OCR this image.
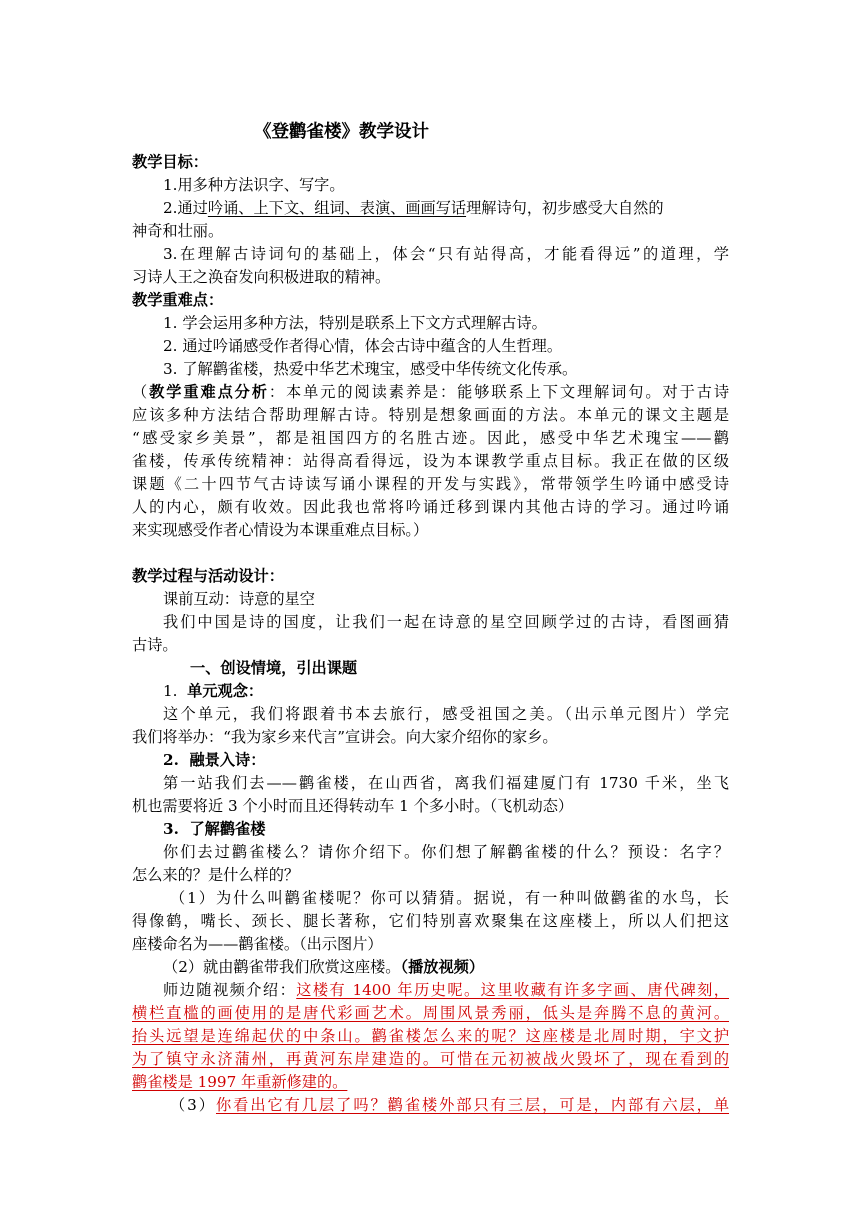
《登鹳雀楼》教学设计
教学目标：
1.用多种方法识字、写字。
2.通过吟诵、上下文、组词、表演、画画写话理解诗句，初步感受大自然的
神奇和壮丽。
3.在理解古诗词句的基础上，体会“只有站得高，才能看得远”的道理，学
习诗人王之涣奋发向积极进取的精神。
教学重难点：
1. 学会运用多种方法，特别是联系上下文方式理解古诗。
2. 通过吟诵感受作者得心情，体会古诗中蕴含的人生哲理。
3. 了解鹳雀楼，热爱中华艺术瑰宝，感受中华传统文化传承。
（教学重难点分析：本单元的阅读素养是：能够联系上下文理解词句。对于古诗
应该多种方法结合帮助理解古诗。特别是想象画面的方法。本单元的课文主题是
“感受家乡美景”，都是祖国四方的名胜古迹。因此，感受中华艺术瑰宝——鹳
雀楼，传承传统精神：站得高看得远，设为本课教学重点目标。我正在做的区级
课题《二十四节气古诗读写诵小课程的开发与实践》，常带领学生吟诵中感受诗
人的内心，颇有收效。因此我也常将吟诵迁移到课内其他古诗的学习。通过吟诵
来实现感受作者心情设为本课重难点目标。）
教学过程与活动设计：
课前互动：诗意的星空
我们中国是诗的国度，让我们一起在诗意的星空回顾学过的古诗，看图画猜
古诗。
一、创设情境，引出课题
1. 单元观念：
这个单元，我们将跟着书本去旅行，感受祖国之美。（出示单元图片）学完
我们将举办：“我为家乡来代言”宣讲会。向大家介绍你的家乡。
2. 融景入诗：
第一站我们去——鹳雀楼，在山西省，离我们福建厦门有 1730 千米，坐飞
机也需要将近 3 个小时而且还得转动车 1 个多小时。（飞机动态）
3. 了解鹳雀楼
你们去过鹳雀楼么？请你介绍下。你们想了解鹳雀楼的什么？预设：名字？
怎么来的？是什么样的？
（1）为什么叫鹳雀楼呢？你可以猜猜。据说，有一种叫做鹳雀的水鸟，长
得像鹤，嘴长、颈长、腿长著称，它们特别喜欢聚集在这座楼上，所以人们把这
座楼命名为——鹳雀楼。（出示图片）
（2）就由鹳雀带我们欣赏这座楼。（播放视频）
师边随视频介绍：这楼有 1400 年历史呢。这里收藏有许多字画、唐代碑刻，
横栏直槛的画使用的是唐代彩画艺术。周围风景秀丽，低头是奔腾不息的黄河。
抬头远望是连绵起伏的中条山。鹳雀楼怎么来的呢？这座楼是北周时期，宇文护
为了镇守永济蒲州，再黄河东岸建造的。可惜在元初被战火毁坏了，现在看到的
鹳雀楼是 1997 年重新修建的。
（3）你看出它有几层了吗？鹳雀楼外部只有三层，可是，内部有六层，单
